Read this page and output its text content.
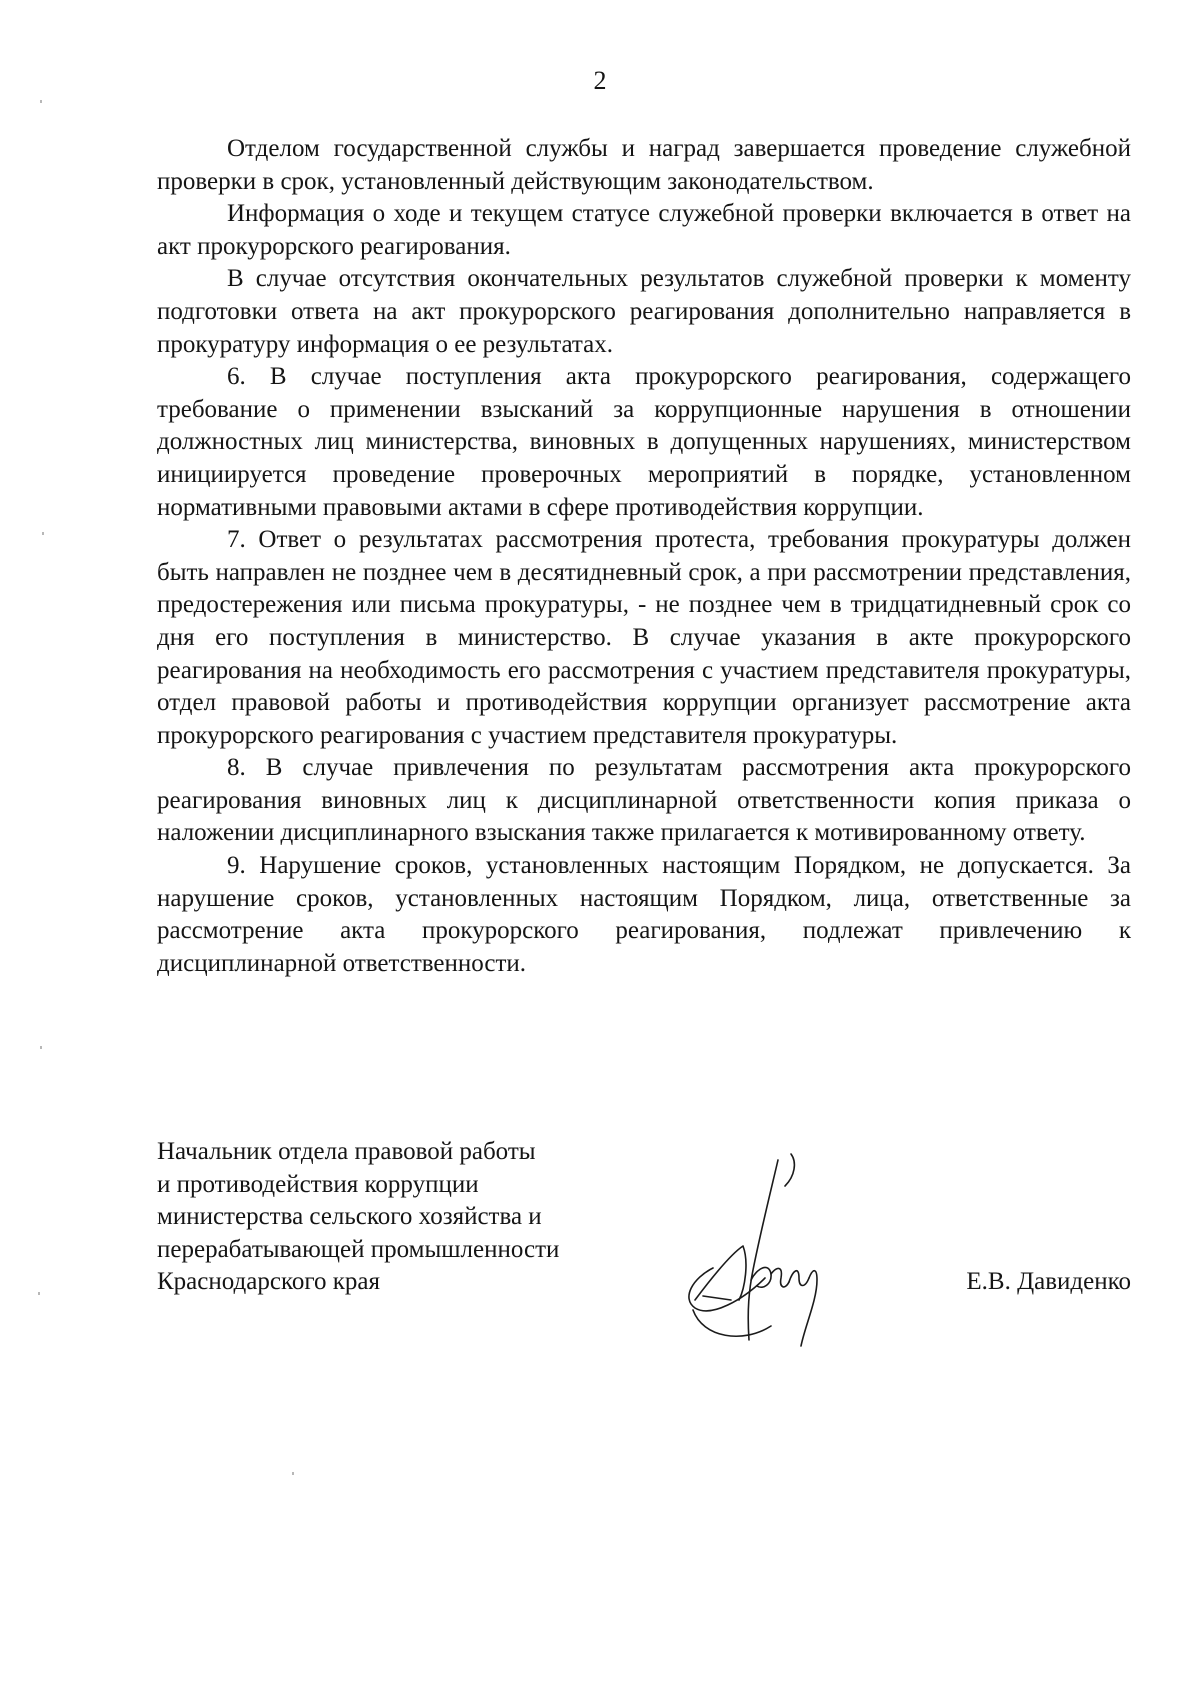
2

Отделом государственной службы и наград завершается проведение служебной проверки в срок, установленный действующим законодательством.

Информация о ходе и текущем статусе служебной проверки включается в ответ на акт прокурорского реагирования.

В случае отсутствия окончательных результатов служебной проверки к моменту подготовки ответа на акт прокурорского реагирования дополнительно направляется в прокуратуру информация о ее результатах.

6. В случае поступления акта прокурорского реагирования, содержащего требование о применении взысканий за коррупционные нарушения в отношении должностных лиц министерства, виновных в допущенных нарушениях, министерством инициируется проведение проверочных мероприятий в порядке, установленном нормативными правовыми актами в сфере противодействия коррупции.

7. Ответ о результатах рассмотрения протеста, требования прокуратуры должен быть направлен не позднее чем в десятидневный срок, а при рассмотрении представления, предостережения или письма прокуратуры, - не позднее чем в тридцатидневный срок со дня его поступления в министерство. В случае указания в акте прокурорского реагирования на необходимость его рассмотрения с участием представителя прокуратуры, отдел правовой работы и противодействия коррупции организует рассмотрение акта прокурорского реагирования с участием представителя прокуратуры.

8. В случае привлечения по результатам рассмотрения акта прокурорского реагирования виновных лиц к дисциплинарной ответственности копия приказа о наложении дисциплинарного взыскания также прилагается к мотивированному ответу.

9. Нарушение сроков, установленных настоящим Порядком, не допускается. За нарушение сроков, установленных настоящим Порядком, лица, ответственные за рассмотрение акта прокурорского реагирования, подлежат привлечению к дисциплинарной ответственности.

Начальник отдела правовой работы
и противодействия коррупции
министерства сельского хозяйства и
перерабатывающей промышленности
Краснодарского края	Е.В. Давиденко
